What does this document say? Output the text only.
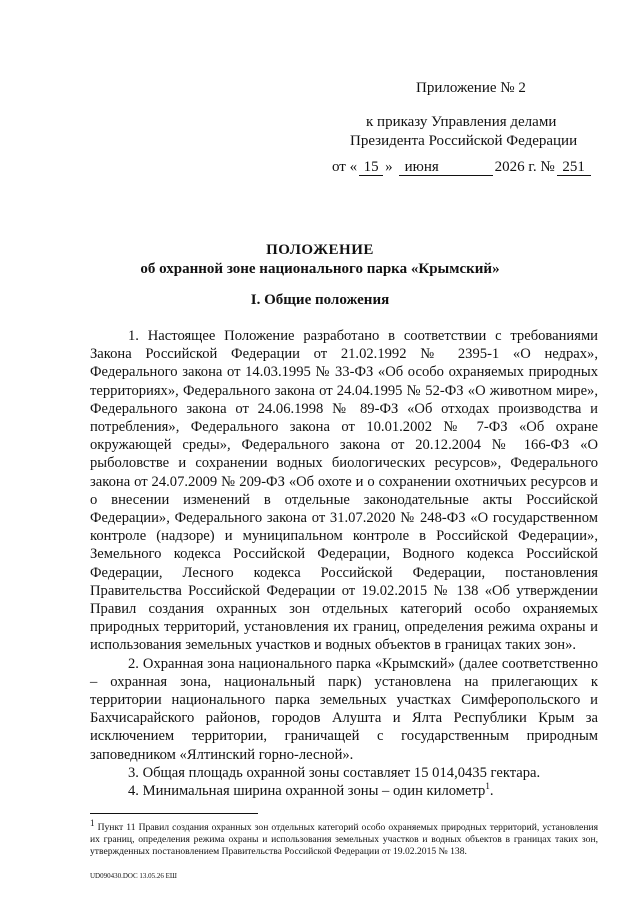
Приложение № 2
к приказу Управления делами
Президента Российской Федерации
от « 15 » июня	2026 г. № 251
ПОЛОЖЕНИЕ
об охранной зоне национального парка «Крымский»
I. Общие положения

1. Настоящее Положение разработано в соответствии с требованиями Закона Российской Федерации от 21.02.1992 № 2395-1 «О недрах», Федерального закона от 14.03.1995 № 33-ФЗ «Об особо охраняемых природных территориях», Федерального закона от 24.04.1995 № 52-ФЗ «О животном мире», Федерального закона от 24.06.1998 № 89-ФЗ «Об отходах производства и потребления», Федерального закона от 10.01.2002 № 7-ФЗ «Об охране окружающей среды», Федерального закона от 20.12.2004 № 166-ФЗ «О рыболовстве и сохранении водных биологических ресурсов», Федерального закона от 24.07.2009 № 209-ФЗ «Об охоте и о сохранении охотничьих ресурсов и о внесении изменений в отдельные законодательные акты Российской Федерации», Федерального закона от 31.07.2020 № 248-ФЗ «О государственном контроле (надзоре) и муниципальном контроле в Российской Федерации», Земельного кодекса Российской Федерации, Водного кодекса Российской Федерации, Лесного кодекса Российской Федерации, постановления Правительства Российской Федерации от 19.02.2015 № 138 «Об утверждении Правил создания охранных зон отдельных категорий особо охраняемых природных территорий, установления их границ, определения режима охраны и использования земельных участков и водных объектов в границах таких зон».

2. Охранная зона национального парка «Крымский» (далее соответственно – охранная зона, национальный парк) установлена на прилегающих к территории национального парка земельных участках Симферопольского и Бахчисарайского районов, городов Алушта и Ялта Республики Крым за исключением территории, граничащей с государственным природным заповедником «Ялтинский горно-лесной».

3. Общая площадь охранной зоны составляет 15 014,0435 гектара.

4. Минимальная ширина охранной зоны – один километр$^1$.

$^1$ Пункт 11 Правил создания охранных зон отдельных категорий особо охраняемых природных территорий, установления их границ, определения режима охраны и использования земельных участков и водных объектов в границах таких зон, утвержденных постановлением Правительства Российской Федерации от 19.02.2015 № 138.
UD090430.DOC 13.05.26 ЕШ
